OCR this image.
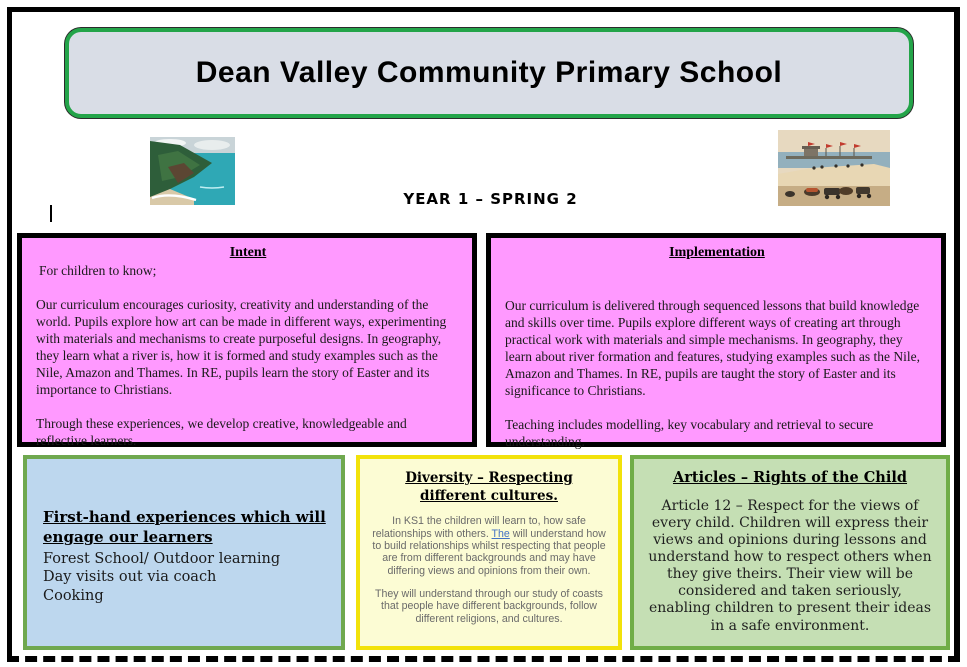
Dean Valley Community Primary School
YEAR 1 – SPRING 2
Intent

For children to know;

Our curriculum encourages curiosity, creativity and understanding of the world. Pupils explore how art can be made in different ways, experimenting with materials and mechanisms to create purposeful designs. In geography, they learn what a river is, how it is formed and study examples such as the Nile, Amazon and Thames. In RE, pupils learn the story of Easter and its importance to Christians.

Through these experiences, we develop creative, knowledgeable and reflective learners.

Implementation

Our curriculum is delivered through sequenced lessons that build knowledge and skills over time. Pupils explore different ways of creating art through practical work with materials and simple mechanisms. In geography, they learn about river formation and features, studying examples such as the Nile, Amazon and Thames. In RE, pupils are taught the story of Easter and its significance to Christians.

Teaching includes modelling, key vocabulary and retrieval to secure understanding.

First-hand experiences which will engage our learners

Forest School/ Outdoor learning

Day visits out via coach

Cooking

Diversity – Respecting different cultures.

In KS1 the children will learn to, how safe relationships with others. The will understand how to build relationships whilst respecting that people are from different backgrounds and may have differing views and opinions from their own.

They will understand through our study of coasts that people have different backgrounds, follow different religions, and cultures.

Articles – Rights of the Child

Article 12 – Respect for the views of every child. Children will express their views and opinions during lessons and understand how to respect others when they give theirs. Their view will be considered and taken seriously, enabling children to present their ideas in a safe environment.
